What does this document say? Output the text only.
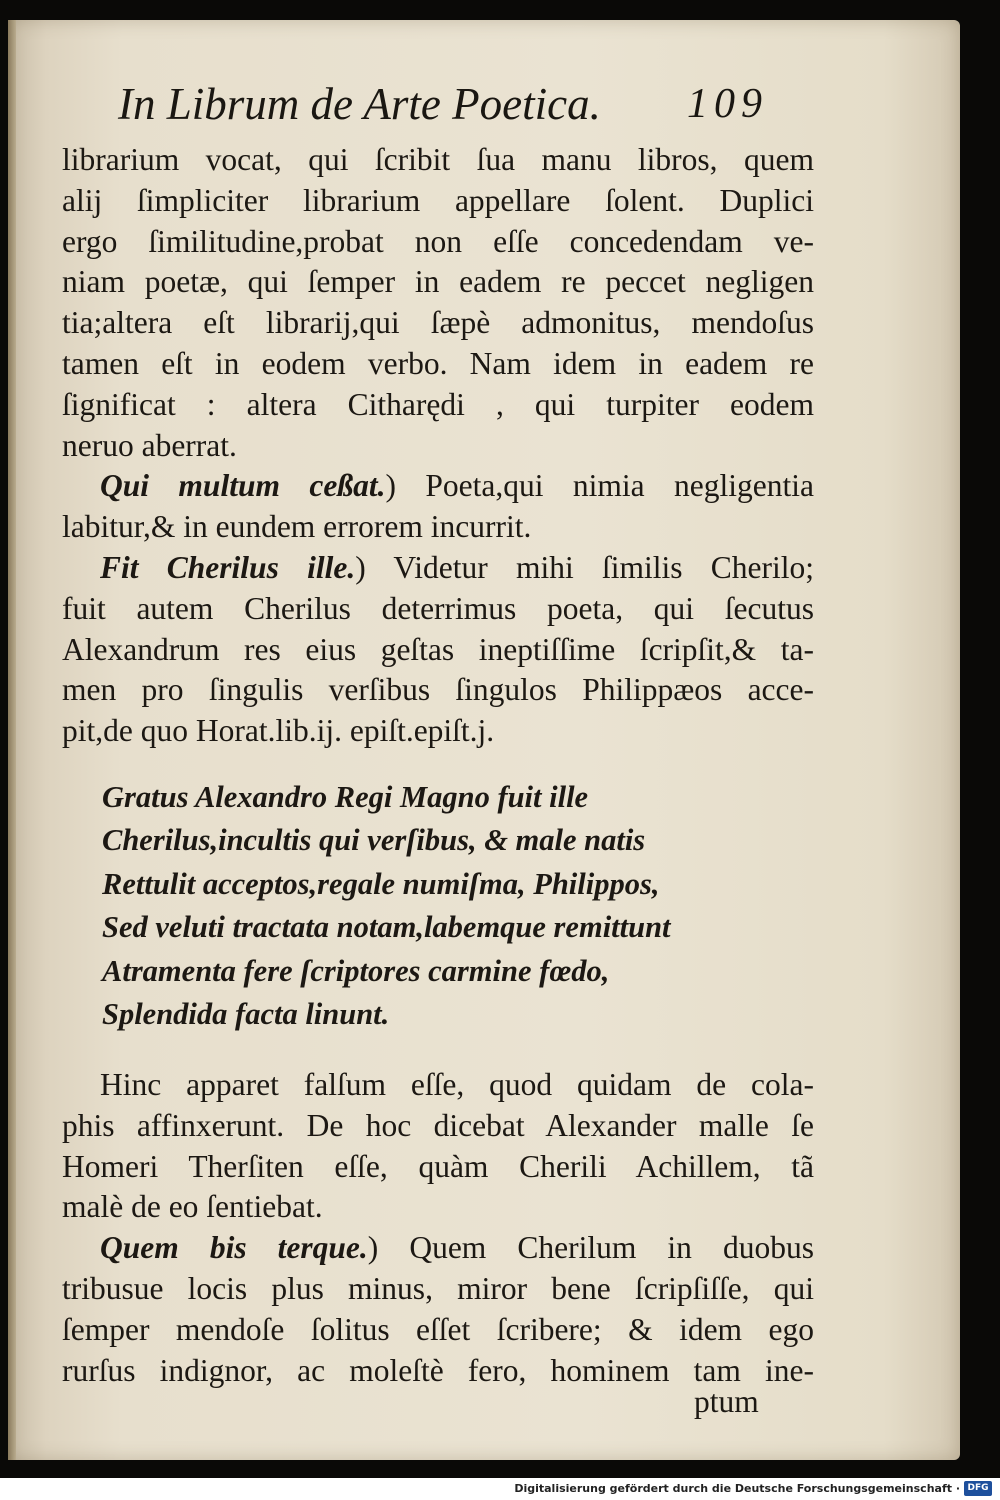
In Librum de Arte Poetica. 109
librarium vocat, qui ſcribit ſua manu libros, quem
alij ſimpliciter librarium appellare ſolent. Duplici
ergo ſimilitudine,probat non eſſe concedendam ve-
niam poetæ, qui ſemper in eadem re peccet negligen
tia;altera eſt librarij,qui ſæpè admonitus, mendoſus
tamen eſt in eodem verbo. Nam idem in eadem re
ſignificat : altera Citharędi , qui turpiter eodem
neruo aberrat.
Qui multum ceßat.) Poeta,qui nimia negligentia
labitur,& in eundem errorem incurrit.
Fit Cherilus ille.) Videtur mihi ſimilis Cherilo;
fuit autem Cherilus deterrimus poeta, qui ſecutus
Alexandrum res eius geſtas ineptiſſime ſcripſit,& ta-
men pro ſingulis verſibus ſingulos Philippæos acce-
pit,de quo Horat.lib.ij. epiſt.epiſt.j.
Gratus Alexandro Regi Magno fuit ille
Cherilus,incultis qui verſibus, & male natis
Rettulit acceptos,regale numiſma, Philippos,
Sed veluti tractata notam,labemque remittunt
Atramenta fere ſcriptores carmine fœdo,
Splendida facta linunt.
Hinc apparet falſum eſſe, quod quidam de cola-
phis affinxerunt. De hoc dicebat Alexander malle ſe
Homeri Therſiten eſſe, quàm Cherili Achillem, tã
malè de eo ſentiebat.
Quem bis terque.) Quem Cherilum in duobus
tribusue locis plus minus, miror bene ſcripſiſſe, qui
ſemper mendoſe ſolitus eſſet ſcribere; & idem ego
rurſus indignor, ac moleſtè fero, hominem tam ine-
ptum
Digitalisierung gefördert durch die Deutsche Forschungsgemeinschaft · DFG
